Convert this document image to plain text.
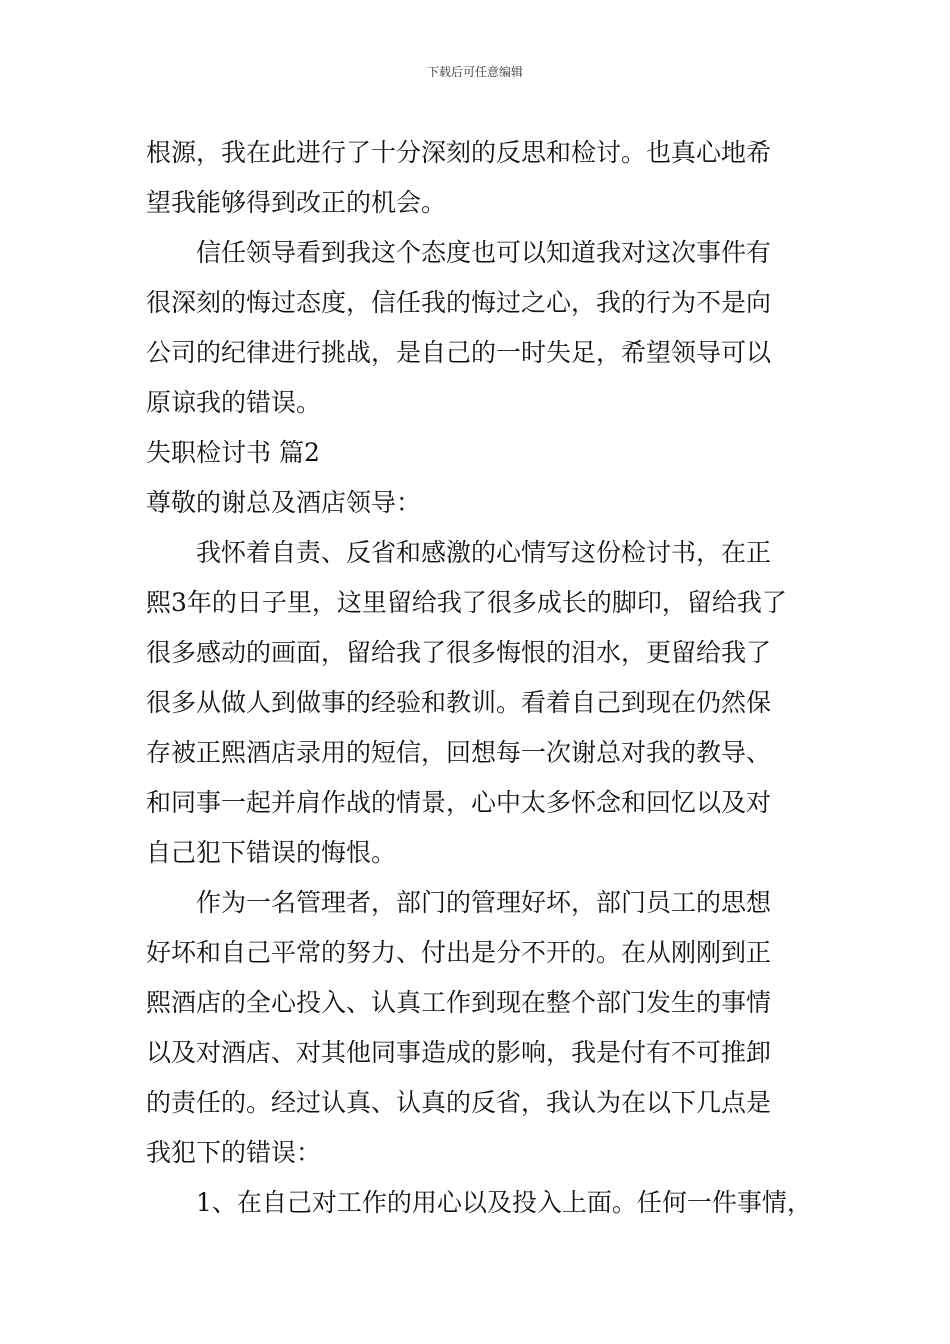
下载后可任意编辑
根源，我在此进行了十分深刻的反思和检讨。也真心地希
望我能够得到改正的机会。
信任领导看到我这个态度也可以知道我对这次事件有
很深刻的悔过态度，信任我的悔过之心，我的行为不是向
公司的纪律进行挑战，是自己的一时失足，希望领导可以
原谅我的错误。
失职检讨书 篇2
尊敬的谢总及酒店领导：
我怀着自责、反省和感激的心情写这份检讨书，在正
熙3年的日子里，这里留给我了很多成长的脚印，留给我了
很多感动的画面，留给我了很多悔恨的泪水，更留给我了
很多从做人到做事的经验和教训。看着自己到现在仍然保
存被正熙酒店录用的短信，回想每一次谢总对我的教导、
和同事一起并肩作战的情景，心中太多怀念和回忆以及对
自己犯下错误的悔恨。
作为一名管理者，部门的管理好坏，部门员工的思想
好坏和自己平常的努力、付出是分不开的。在从刚刚到正
熙酒店的全心投入、认真工作到现在整个部门发生的事情
以及对酒店、对其他同事造成的影响，我是付有不可推卸
的责任的。经过认真、认真的反省，我认为在以下几点是
我犯下的错误：
1、在自己对工作的用心以及投入上面。任何一件事情，
